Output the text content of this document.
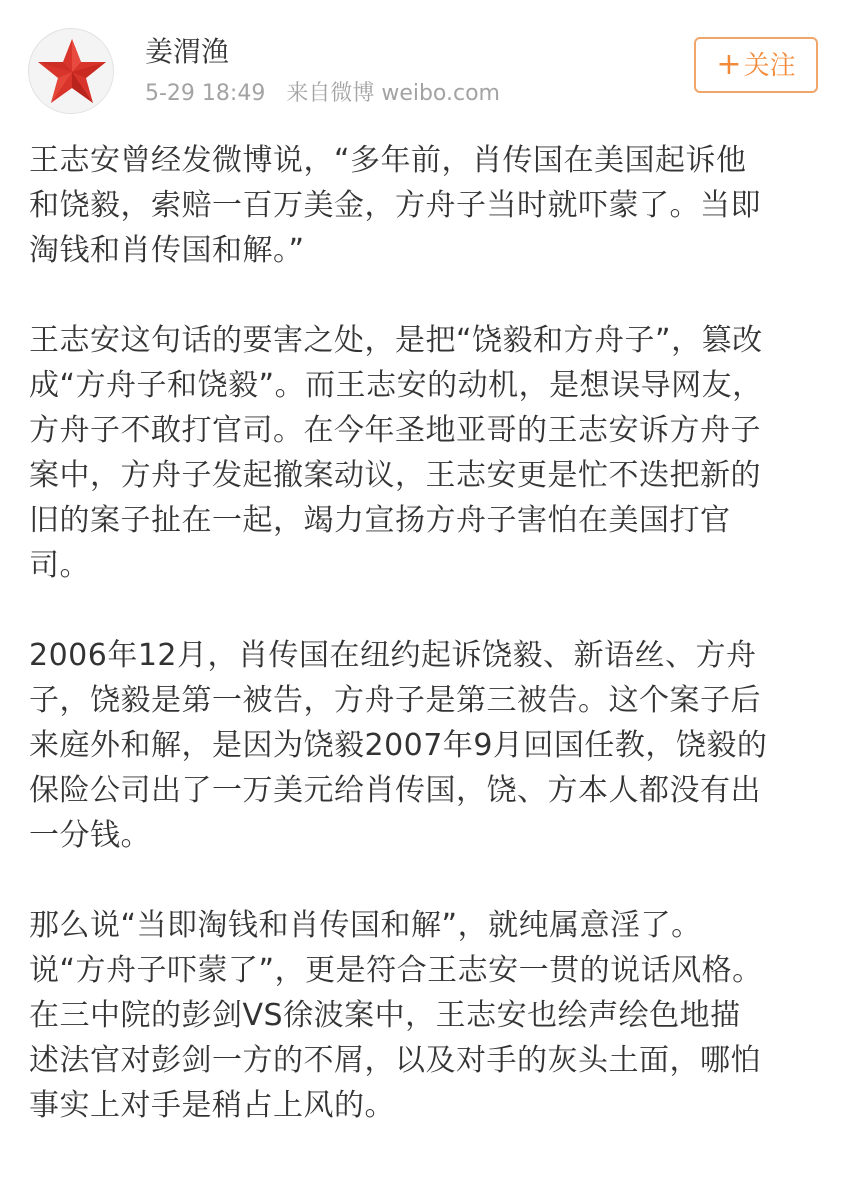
姜渭渔
5-29 18:49 来自微博 weibo.com
+关注
王志安曾经发微博说，“多年前，肖传国在美国起诉他
和饶毅，索赔一百万美金，方舟子当时就吓蒙了。当即
淘钱和肖传国和解。”
王志安这句话的要害之处，是把“饶毅和方舟子”，篡改
成“方舟子和饶毅”。而王志安的动机，是想误导网友，
方舟子不敢打官司。在今年圣地亚哥的王志安诉方舟子
案中，方舟子发起撤案动议，王志安更是忙不迭把新的
旧的案子扯在一起，竭力宣扬方舟子害怕在美国打官
司。
2006年12月，肖传国在纽约起诉饶毅、新语丝、方舟
子，饶毅是第一被告，方舟子是第三被告。这个案子后
来庭外和解，是因为饶毅2007年9月回国任教，饶毅的
保险公司出了一万美元给肖传国，饶、方本人都没有出
一分钱。
那么说“当即淘钱和肖传国和解”，就纯属意淫了。
说“方舟子吓蒙了”，更是符合王志安一贯的说话风格。
在三中院的彭剑VS徐波案中，王志安也绘声绘色地描
述法官对彭剑一方的不屑，以及对手的灰头土面，哪怕
事实上对手是稍占上风的。
